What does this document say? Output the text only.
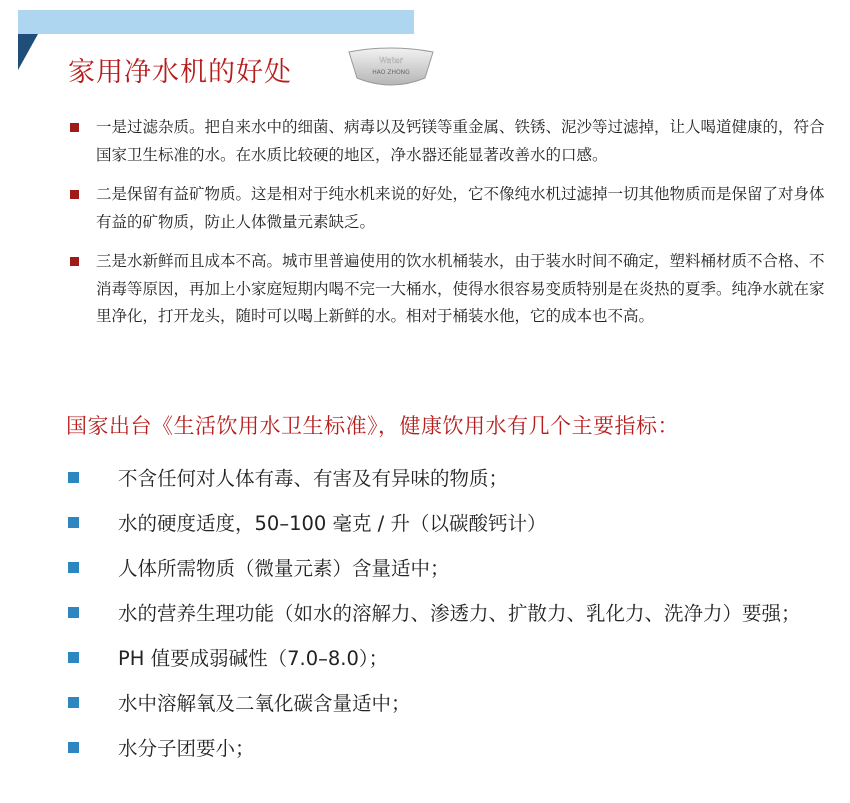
家用净水机的好处	Water
HAO ZHONG
一是过滤杂质。把自来水中的细菌、病毒以及钙镁等重金属、铁锈、泥沙等过滤掉，让人喝道健康的，符合国家卫生标准的水。在水质比较硬的地区，净水器还能显著改善水的口感。
二是保留有益矿物质。这是相对于纯水机来说的好处，它不像纯水机过滤掉一切其他物质而是保留了对身体有益的矿物质，防止人体微量元素缺乏。
三是水新鲜而且成本不高。城市里普遍使用的饮水机桶装水，由于装水时间不确定，塑料桶材质不合格、不消毒等原因，再加上小家庭短期内喝不完一大桶水，使得水很容易变质特别是在炎热的夏季。纯净水就在家里净化，打开龙头，随时可以喝上新鲜的水。相对于桶装水他，它的成本也不高。
国家出台《生活饮用水卫生标准》，健康饮用水有几个主要指标：
不含任何对人体有毒、有害及有异味的物质；
水的硬度适度，50–100 毫克 / 升（以碳酸钙计）
人体所需物质（微量元素）含量适中；
水的营养生理功能（如水的溶解力、渗透力、扩散力、乳化力、洗净力）要强；
PH 值要成弱碱性（7.0–8.0）；
水中溶解氧及二氧化碳含量适中；
水分子团要小；
